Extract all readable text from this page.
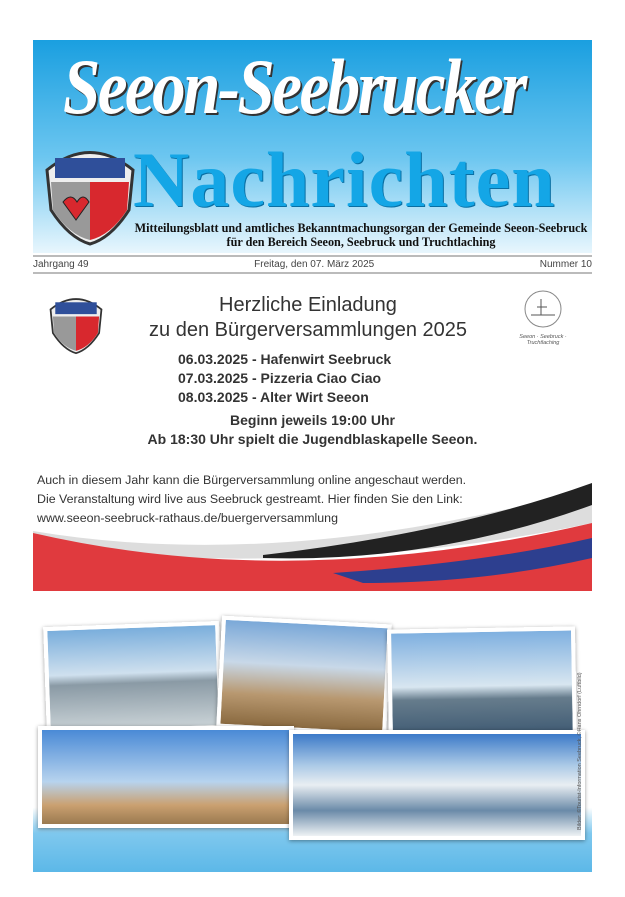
Seeon-Seebrucker
Nachrichten
Mitteilungsblatt und amtliches Bekanntmachungsorgan der Gemeinde Seeon-Seebruck
für den Bereich Seeon, Seebruck und Truchtlaching
Jahrgang 49	Freitag, den 07. März 2025	Nummer 10
Seeon · Seebruck · Truchtlaching
Herzliche Einladung
zu den Bürgerversammlungen 2025
06.03.2025 - Hafenwirt Seebruck
07.03.2025 - Pizzeria Ciao Ciao
08.03.2025 - Alter Wirt Seeon
Beginn jeweils 19:00 Uhr
Ab 18:30 Uhr spielt die Jugendblaskapelle Seeon.
Auch in diesem Jahr kann die Bürgerversammlung online angeschaut werden.
Die Veranstaltung wird live aus Seebruck gestreamt. Hier finden Sie den Link:
www.seeon-seebruck-rathaus.de/buergerversammlung
Bilder: ©Tourist-Information Seebruck, ©Hans Ohrndorf (Luftbild)
